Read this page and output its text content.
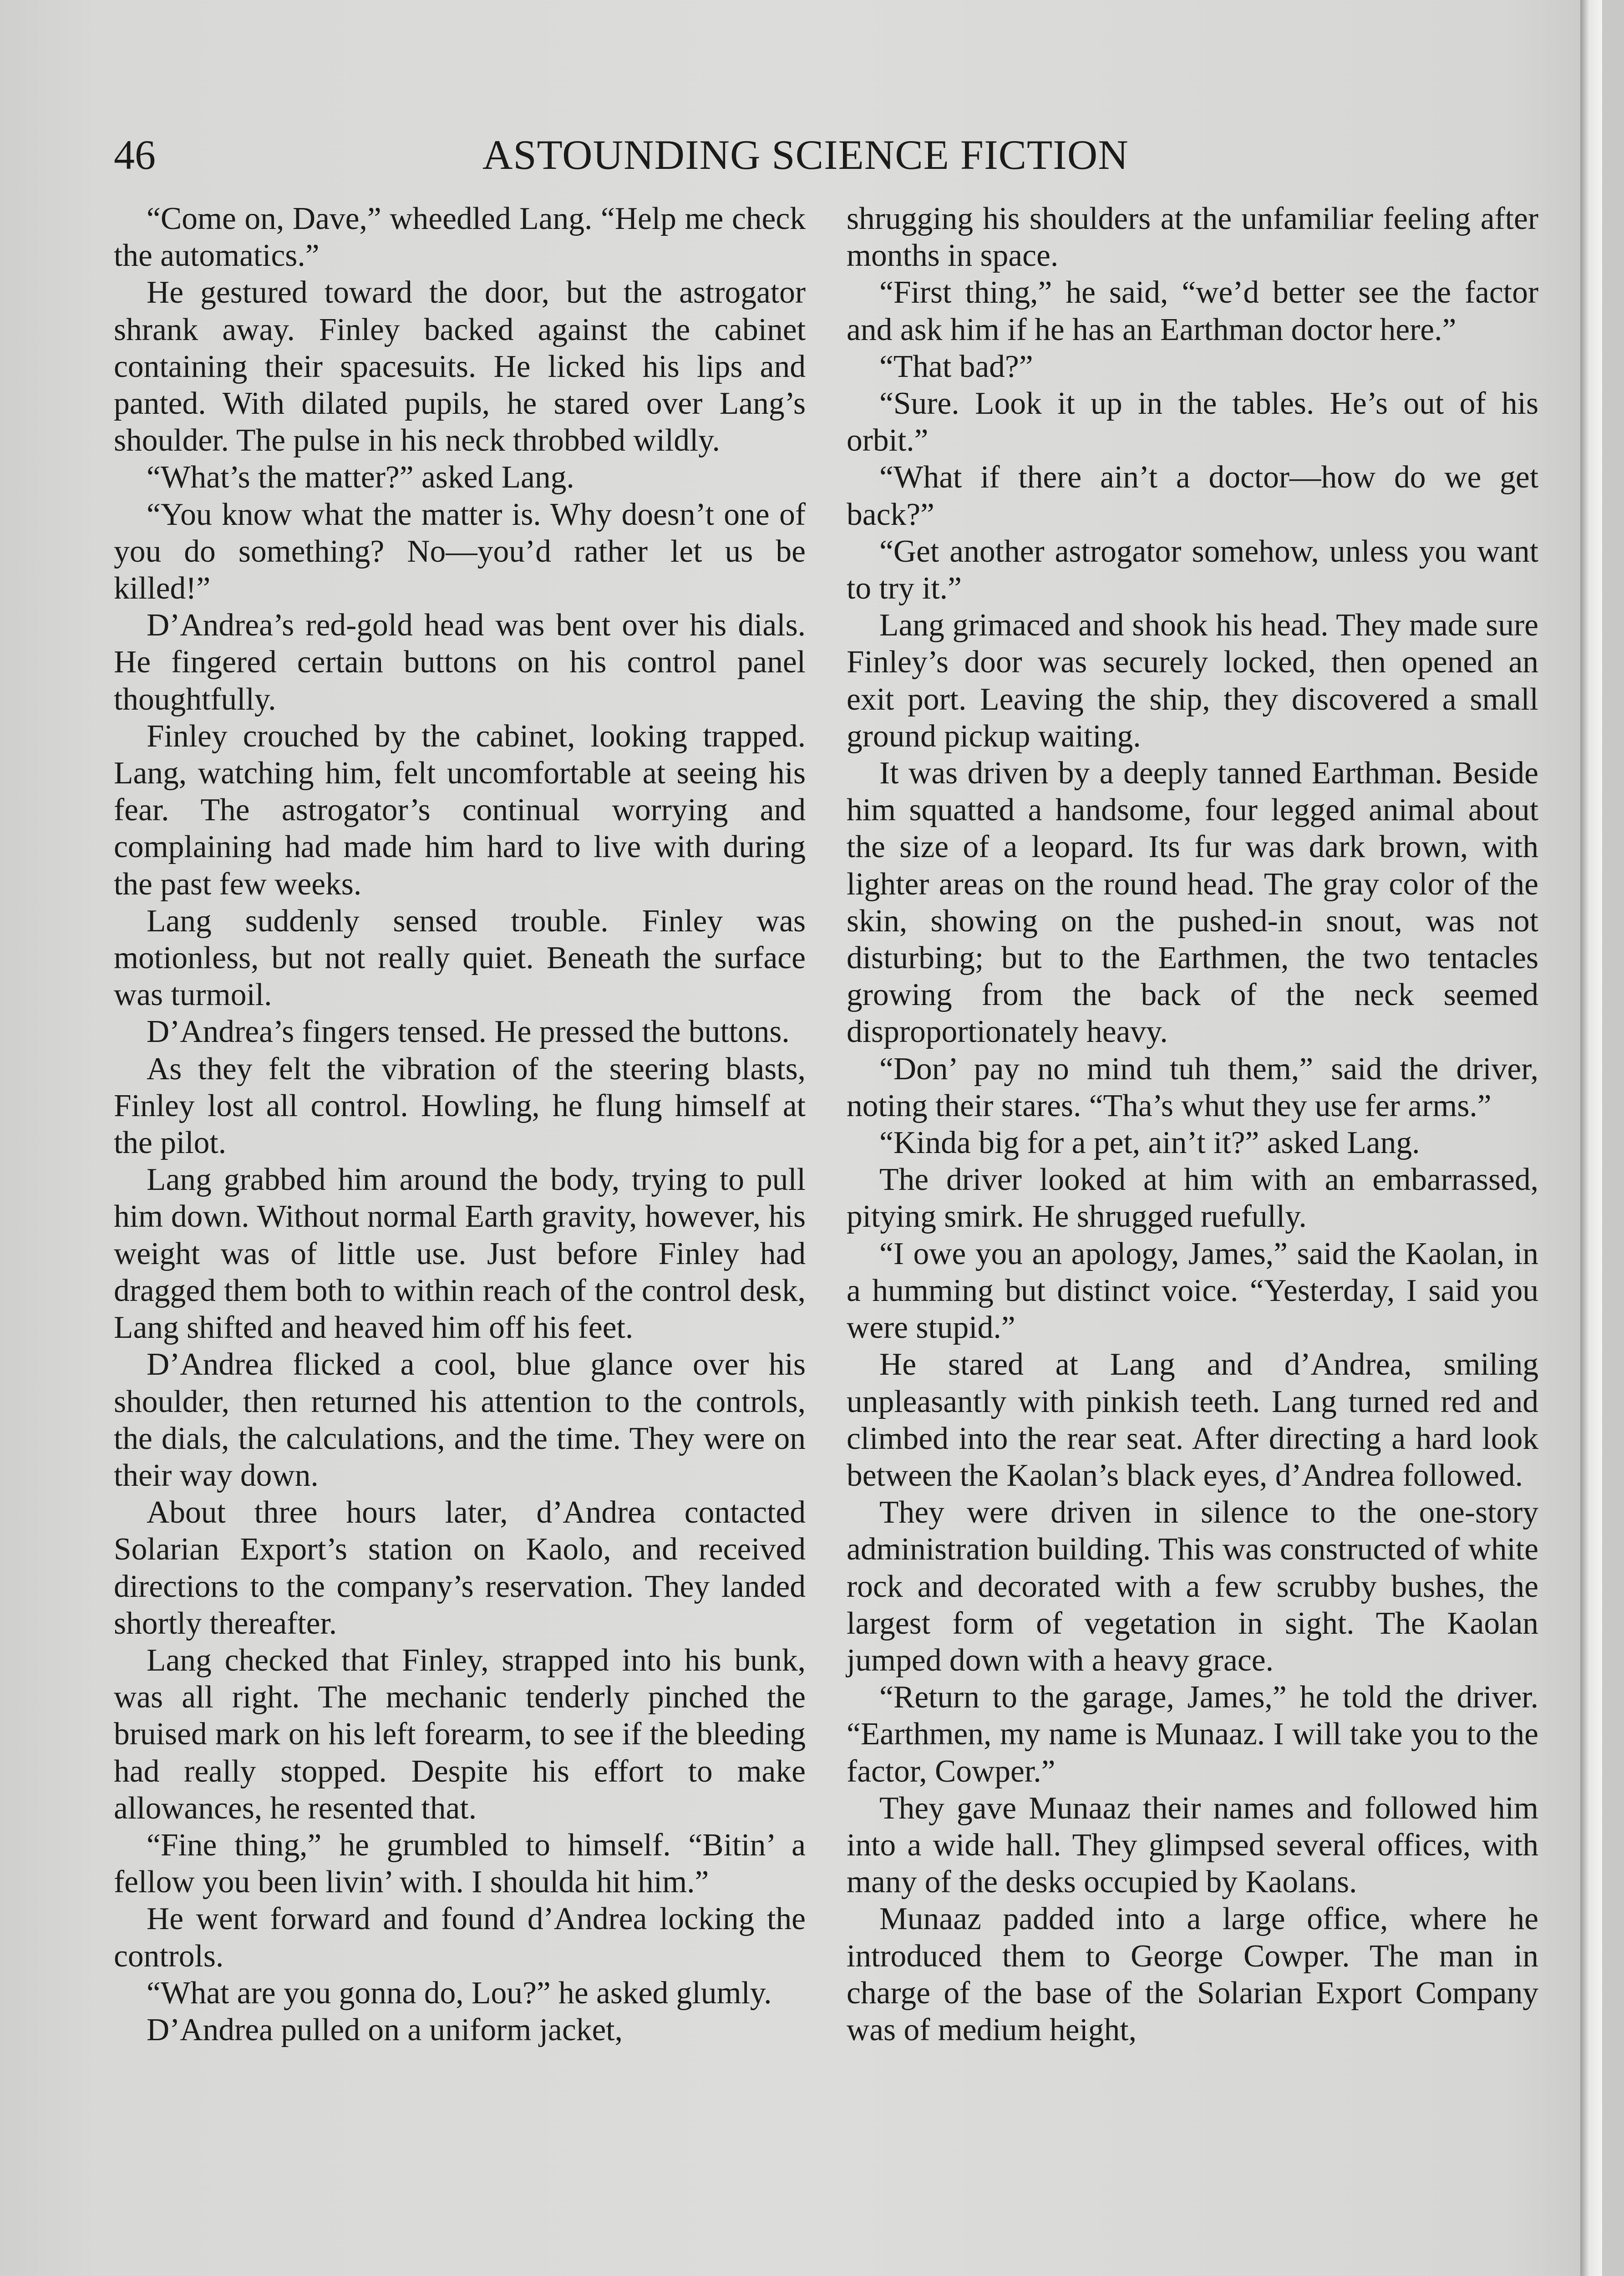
46	ASTOUNDING SCIENCE FICTION

“Come on, Dave,” wheedled Lang. “Help me check the automatics.”

He gestured toward the door, but the astrogator shrank away. Finley backed against the cabinet containing their spacesuits. He licked his lips and panted. With dilated pupils, he stared over Lang’s shoulder. The pulse in his neck throbbed wildly.

“What’s the matter?” asked Lang.

“You know what the matter is. Why doesn’t one of you do something? No—you’d rather let us be killed!”

D’Andrea’s red-gold head was bent over his dials. He fingered certain buttons on his control panel thoughtfully.

Finley crouched by the cabinet, looking trapped. Lang, watching him, felt uncomfortable at seeing his fear. The astrogator’s continual worrying and complaining had made him hard to live with during the past few weeks.

Lang suddenly sensed trouble. Finley was motionless, but not really quiet. Beneath the surface was turmoil.

D’Andrea’s fingers tensed. He pressed the buttons.

As they felt the vibration of the steering blasts, Finley lost all control. Howling, he flung himself at the pilot.

Lang grabbed him around the body, trying to pull him down. Without normal Earth gravity, however, his weight was of little use. Just before Finley had dragged them both to within reach of the control desk, Lang shifted and heaved him off his feet.

D’Andrea flicked a cool, blue glance over his shoulder, then returned his attention to the controls, the dials, the calculations, and the time. They were on their way down.

About three hours later, d’Andrea contacted Solarian Export’s station on Kaolo, and received directions to the company’s reservation. They landed shortly thereafter.

Lang checked that Finley, strapped into his bunk, was all right. The mechanic tenderly pinched the bruised mark on his left forearm, to see if the bleeding had really stopped. Despite his effort to make allowances, he resented that.

“Fine thing,” he grumbled to himself. “Bitin’ a fellow you been livin’ with. I shoulda hit him.”

He went forward and found d’Andrea locking the controls.

“What are you gonna do, Lou?” he asked glumly.

D’Andrea pulled on a uniform jacket,

shrugging his shoulders at the unfamiliar feeling after months in space.

“First thing,” he said, “we’d better see the factor and ask him if he has an Earthman doctor here.”

“That bad?”

“Sure. Look it up in the tables. He’s out of his orbit.”

“What if there ain’t a doctor—how do we get back?”

“Get another astrogator somehow, unless you want to try it.”

Lang grimaced and shook his head. They made sure Finley’s door was securely locked, then opened an exit port. Leaving the ship, they discovered a small ground pickup waiting.

It was driven by a deeply tanned Earthman. Beside him squatted a handsome, four legged animal about the size of a leopard. Its fur was dark brown, with lighter areas on the round head. The gray color of the skin, showing on the pushed-in snout, was not disturbing; but to the Earthmen, the two tentacles growing from the back of the neck seemed disproportionately heavy.

“Don’ pay no mind tuh them,” said the driver, noting their stares. “Tha’s whut they use fer arms.”

“Kinda big for a pet, ain’t it?” asked Lang.

The driver looked at him with an embarrassed, pitying smirk. He shrugged ruefully.

“I owe you an apology, James,” said the Kaolan, in a humming but distinct voice. “Yesterday, I said you were stupid.”

He stared at Lang and d’Andrea, smiling unpleasantly with pinkish teeth. Lang turned red and climbed into the rear seat. After directing a hard look between the Kaolan’s black eyes, d’Andrea followed.

They were driven in silence to the one-story administration building. This was constructed of white rock and decorated with a few scrubby bushes, the largest form of vegetation in sight. The Kaolan jumped down with a heavy grace.

“Return to the garage, James,” he told the driver. “Earthmen, my name is Munaaz. I will take you to the factor, Cowper.”

They gave Munaaz their names and followed him into a wide hall. They glimpsed several offices, with many of the desks occupied by Kaolans.

Munaaz padded into a large office, where he introduced them to George Cowper. The man in charge of the base of the Solarian Export Company was of medium height,
